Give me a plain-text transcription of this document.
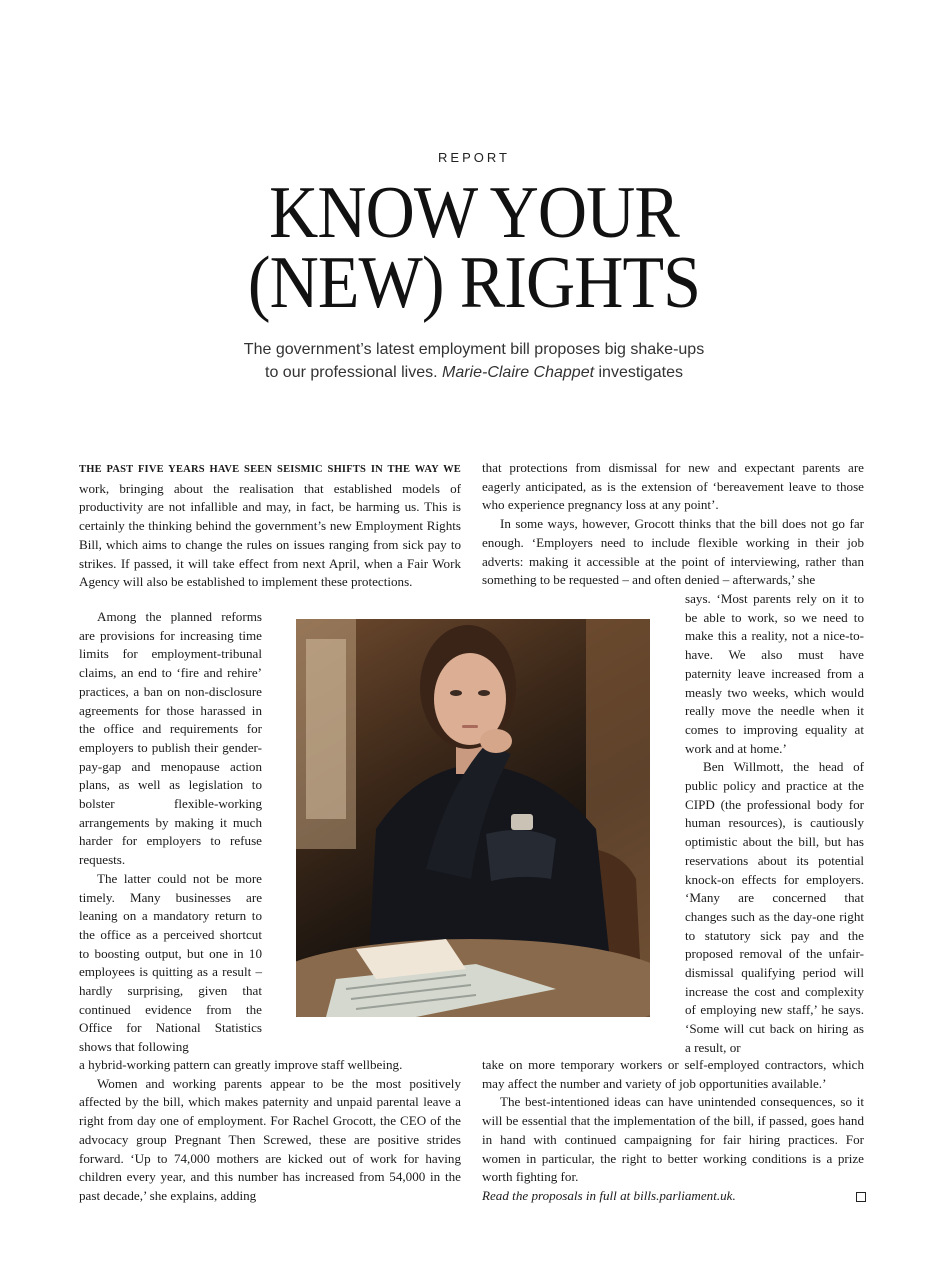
REPORT
KNOW YOUR
(NEW) RIGHTS
The government’s latest employment bill proposes big shake-ups
to our professional lives. Marie-Claire Chappet investigates

THE PAST FIVE YEARS HAVE SEEN SEISMIC SHIFTS IN THE WAY WE work, bringing about the realisation that established models of productivity are not infallible and may, in fact, be harming us. This is certainly the thinking behind the government’s new Employment Rights Bill, which aims to change the rules on issues ranging from sick pay to strikes. If passed, it will take effect from next April, when a Fair Work Agency will also be established to implement these protections.

Among the planned reforms are provisions for increasing time limits for employment-tribunal claims, an end to ‘fire and rehire’ practices, a ban on non-disclosure agreements for those harassed in the office and requirements for employers to publish their gender-pay-gap and menopause action plans, as well as legislation to bolster flexible-working arrangements by making it much harder for employers to refuse requests.

The latter could not be more timely. Many businesses are leaning on a mandatory return to the office as a perceived shortcut to boosting output, but one in 10 employees is quitting as a result – hardly surprising, given that continued evidence from the Office for National Statistics shows that following

a hybrid-working pattern can greatly improve staff wellbeing.

Women and working parents appear to be the most positively affected by the bill, which makes paternity and unpaid parental leave a right from day one of employment. For Rachel Grocott, the CEO of the advocacy group Pregnant Then Screwed, these are positive strides forward. ‘Up to 74,000 mothers are kicked out of work for having children every year, and this number has increased from 54,000 in the past decade,’ she explains, adding

that protections from dismissal for new and expectant parents are eagerly anticipated, as is the extension of ‘bereavement leave to those who experience pregnancy loss at any point’.

In some ways, however, Grocott thinks that the bill does not go far enough. ‘Employers need to include flexible working in their job adverts: making it accessible at the point of interviewing, rather than something to be requested – and often denied – afterwards,’ she

says. ‘Most parents rely on it to be able to work, so we need to make this a reality, not a nice-to-have. We also must have paternity leave increased from a measly two weeks, which would really move the needle when it comes to improving equality at work and at home.’

Ben Willmott, the head of public policy and practice at the CIPD (the professional body for human resources), is cautiously optimistic about the bill, but has reservations about its potential knock-on effects for employers. ‘Many are concerned that changes such as the day-one right to statutory sick pay and the proposed removal of the unfair-dismissal qualifying period will increase the cost and complexity of employing new staff,’ he says. ‘Some will cut back on hiring as a result, or

take on more temporary workers or self-employed contractors, which may affect the number and variety of job opportunities available.’

The best-intentioned ideas can have unintended consequences, so it will be essential that the implementation of the bill, if passed, goes hand in hand with continued campaigning for fair hiring practices. For women in particular, the right to better working conditions is a prize worth fighting for.

Read the proposals in full at bills.parliament.uk.
